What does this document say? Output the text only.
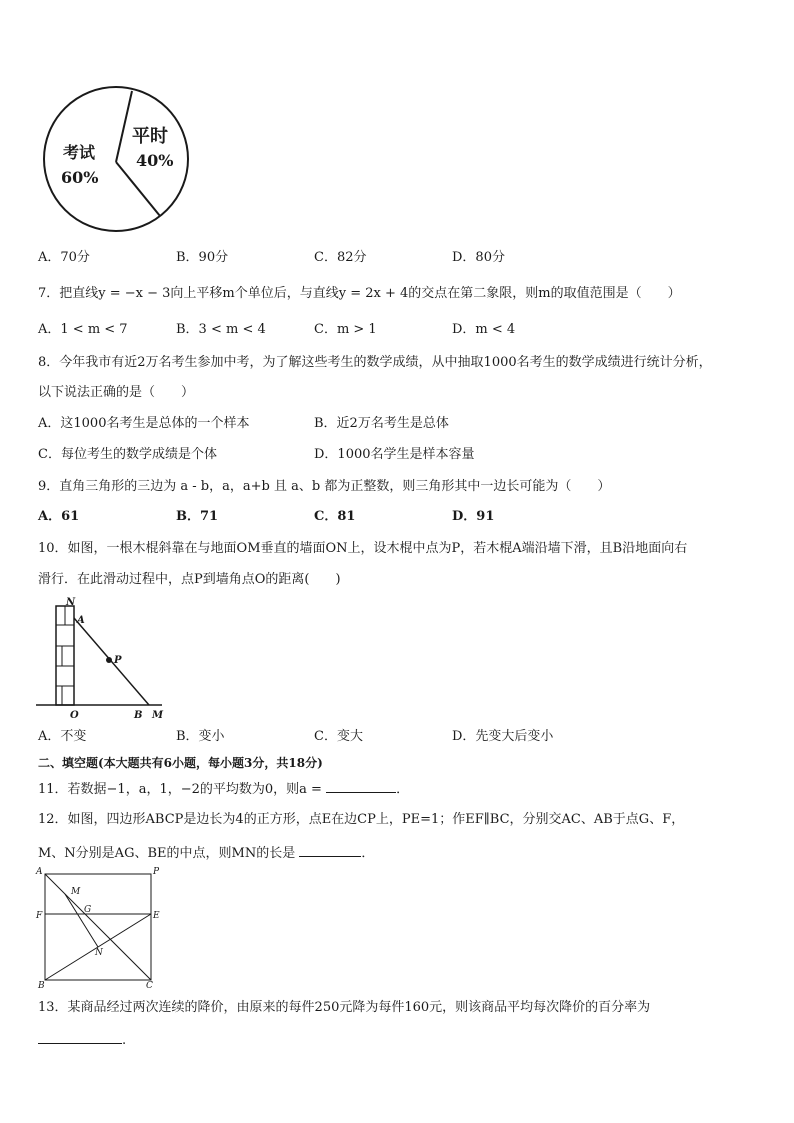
考试
60%
平时
40%
A．70分	B．90分	C．82分	D．80分
7．把直线y = −x − 3向上平移m个单位后，与直线y = 2x + 4的交点在第二象限，则m的取值范围是（　　）
A．1 < m < 7	B．3 < m < 4	C．m > 1	D．m < 4
8．今年我市有近2万名考生参加中考，为了解这些考生的数学成绩，从中抽取1000名考生的数学成绩进行统计分析，
以下说法正确的是（　　）
A．这1000名考生是总体的一个样本	B．近2万名考生是总体
C．每位考生的数学成绩是个体	D．1000名学生是样本容量
9．直角三角形的三边为 a - b，a，a+b 且 a、b 都为正整数，则三角形其中一边长可能为（　　）
A．61	B．71	C．81	D．91
10．如图，一根木棍斜靠在与地面OM垂直的墙面ON上，设木棍中点为P，若木棍A端沿墙下滑，且B沿地面向右
滑行．在此滑动过程中，点P到墙角点O的距离(　　)
N
A
P
O	B M
A．不变	B．变小	C．变大	D．先变大后变小
二、填空题(本大题共有6小题，每小题3分，共18分)
11．若数据−1，a，1，−2的平均数为0，则a =	．
12．如图，四边形ABCP是边长为4的正方形，点E在边CP上，PE=1；作EF∥BC，分别交AC、AB于点G、F，
M、N分别是AG、BE的中点，则MN的长是	．
A	P
M
G
F	E
N
B	C
13．某商品经过两次连续的降价，由原来的每件250元降为每件160元，则该商品平均每次降价的百分率为
.
